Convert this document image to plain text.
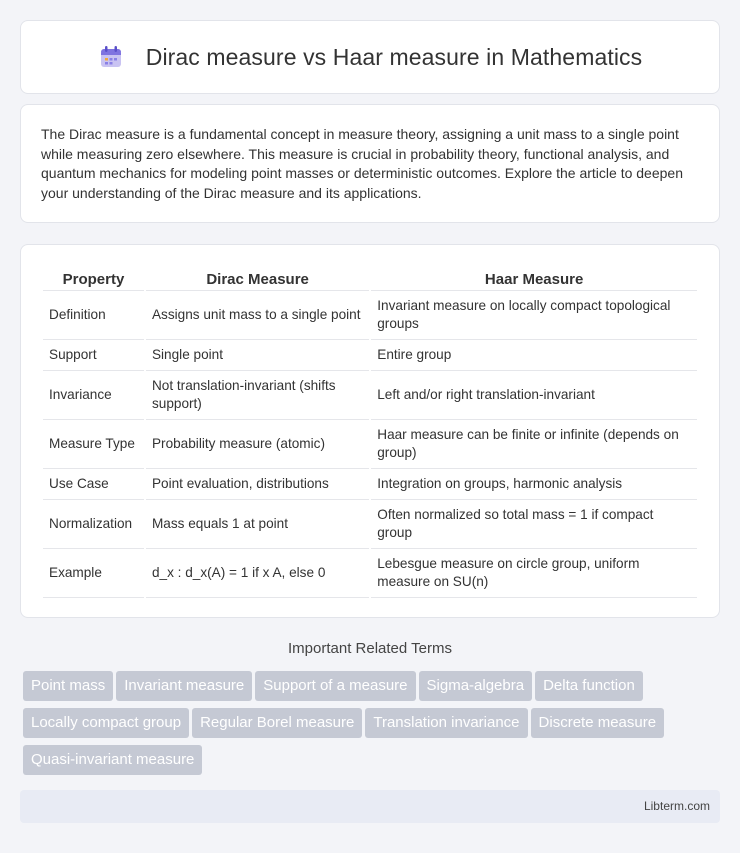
Dirac measure vs Haar measure in Mathematics

The Dirac measure is a fundamental concept in measure theory, assigning a unit mass to a single point while measuring zero elsewhere. This measure is crucial in probability theory, functional analysis, and quantum mechanics for modeling point masses or deterministic outcomes. Explore the article to deepen your understanding of the Dirac measure and its applications.

Property	Dirac Measure	Haar Measure
Definition	Assigns unit mass to a single point	Invariant measure on locally compact topological groups
Support	Single point	Entire group
Invariance	Not translation-invariant (shifts support)	Left and/or right translation-invariant
Measure Type	Probability measure (atomic)	Haar measure can be finite or infinite (depends on group)
Use Case	Point evaluation, distributions	Integration on groups, harmonic analysis
Normalization	Mass equals 1 at point	Often normalized so total mass = 1 if compact group
Example	d_x : d_x(A) = 1 if x A, else 0	Lebesgue measure on circle group, uniform measure on SU(n)
Important Related Terms
Point mass Invariant measure Support of a measure Sigma-algebra Delta function
Locally compact group Regular Borel measure Translation invariance Discrete measure
Quasi-invariant measure
Libterm.com
